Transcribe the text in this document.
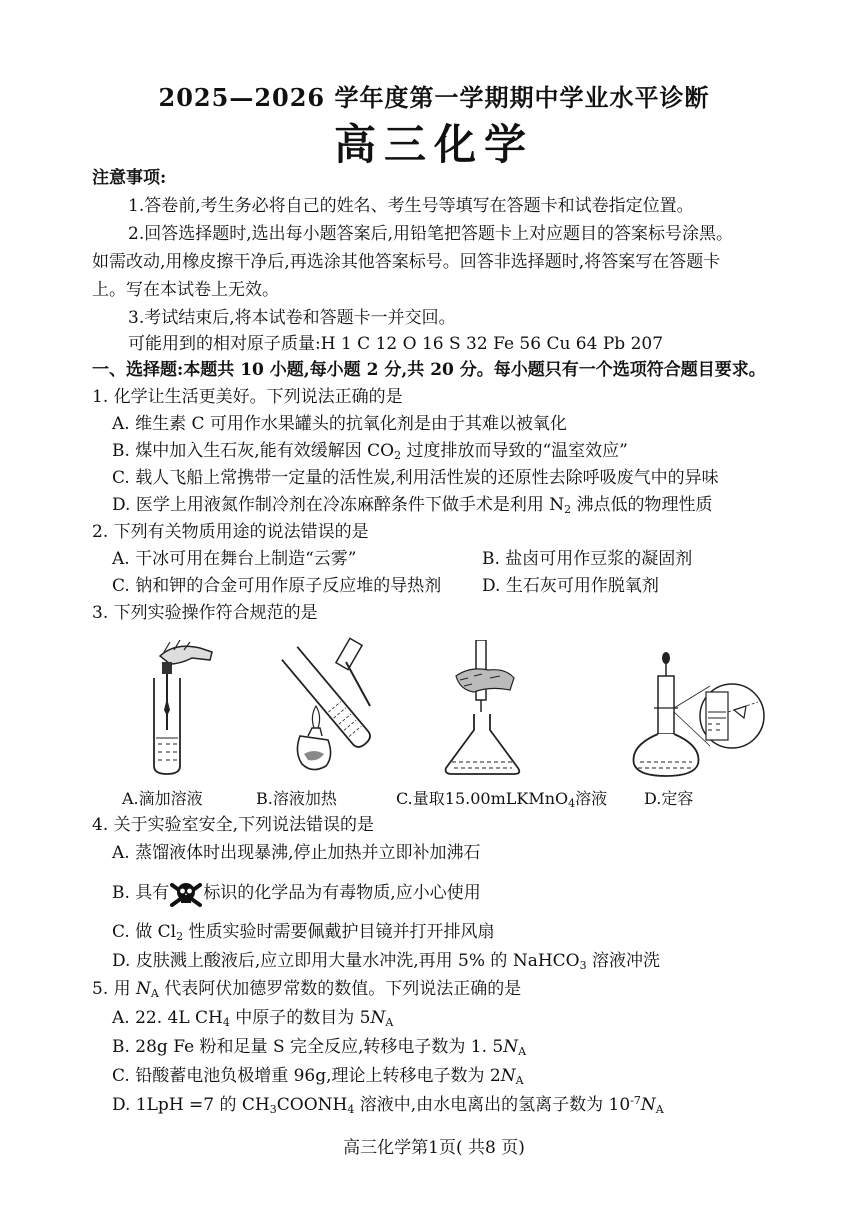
2025—2026 学年度第一学期期中学业水平诊断
高三化学
注意事项:
1.答卷前,考生务必将自己的姓名、考生号等填写在答题卡和试卷指定位置。
2.回答选择题时,选出每小题答案后,用铅笔把答题卡上对应题目的答案标号涂黑。
如需改动,用橡皮擦干净后,再选涂其他答案标号。回答非选择题时,将答案写在答题卡
上。写在本试卷上无效。
3.考试结束后,将本试卷和答题卡一并交回。
可能用到的相对原子质量:H 1 C 12 O 16 S 32 Fe 56 Cu 64 Pb 207
一、选择题:本题共 10 小题,每小题 2 分,共 20 分。每小题只有一个选项符合题目要求。
1. 化学让生活更美好。下列说法正确的是
A. 维生素 C 可用作水果罐头的抗氧化剂是由于其难以被氧化
B. 煤中加入生石灰,能有效缓解因 $CO_2$ 过度排放而导致的“温室效应”
C. 载人飞船上常携带一定量的活性炭,利用活性炭的还原性去除呼吸废气中的异味
D. 医学上用液氮作制冷剂在冷冻麻醉条件下做手术是利用 $N_2$ 沸点低的物理性质
2. 下列有关物质用途的说法错误的是
A. 干冰可用在舞台上制造“云雾”	B. 盐卤可用作豆浆的凝固剂
C. 钠和钾的合金可用作原子反应堆的导热剂 D. 生石灰可用作脱氧剂
3. 下列实验操作符合规范的是
A.滴加溶液	B.溶液加热	C.量取15.00mLKMnO$_4$溶液 D.定容
4. 关于实验室安全,下列说法错误的是
A. 蒸馏液体时出现暴沸,停止加热并立即补加沸石
B. 具有 标识的化学品为有毒物质,应小心使用
C. 做 $Cl_2$ 性质实验时需要佩戴护目镜并打开排风扇
D. 皮肤溅上酸液后,应立即用大量水冲洗,再用 5% 的 NaHCO$_3$ 溶液冲洗
5. 用 $N_A$ 代表阿伏加德罗常数的数值。下列说法正确的是
A. 22. 4L $CH_4$ 中原子的数目为 $5N_A$
B. 28g Fe 粉和足量 S 完全反应,转移电子数为 1. $5N_A$
C. 铅酸蓄电池负极增重 96g,理论上转移电子数为 $2N_A$
D. 1LpH =7 的 $CH_3COONH_4$ 溶液中,由水电离出的氢离子数为 $10^{-7}N_A$
高三化学第1页( 共8 页)
